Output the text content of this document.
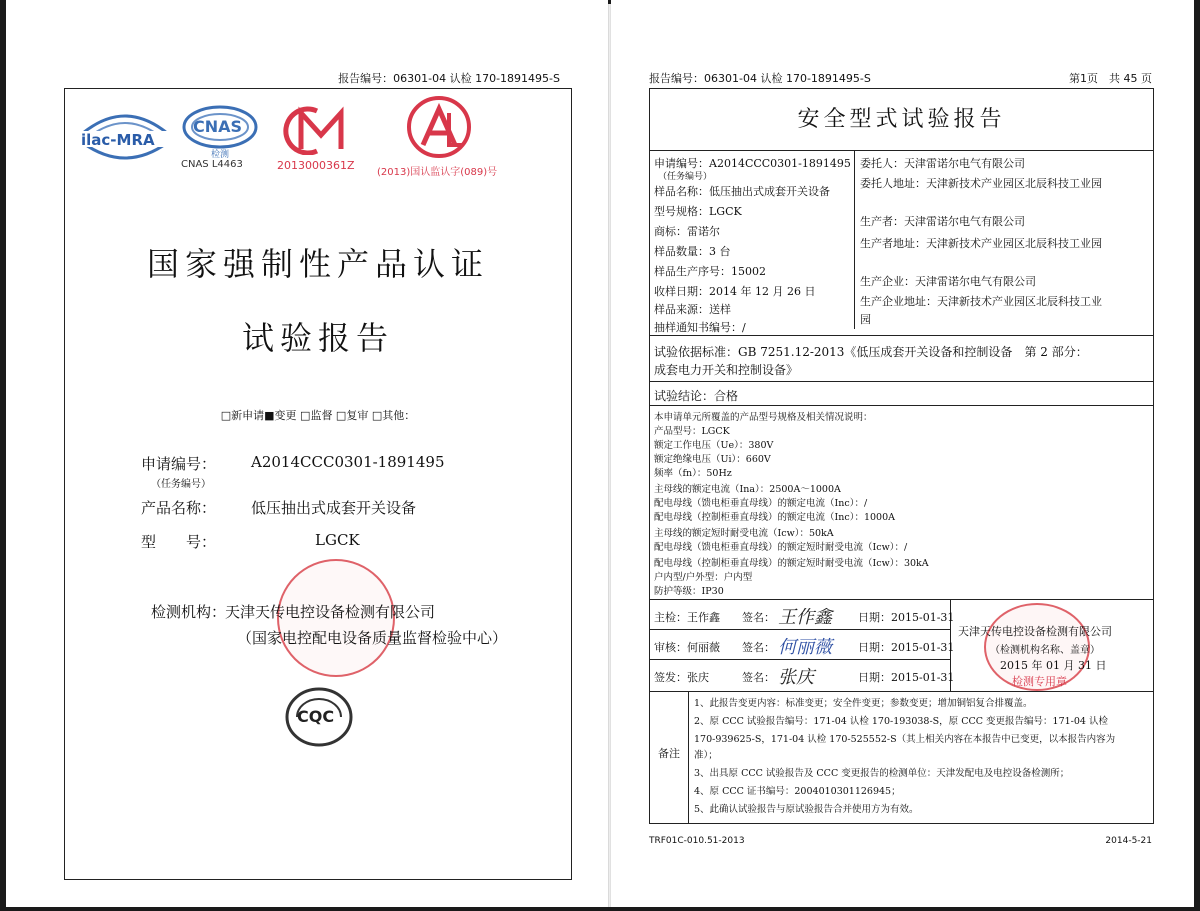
报告编号：06301-04 认检 170-1891495-S
ilac-MRA
CNAS
检测
CNAS L4463	2013000361Z
(2013)国认监认字(089)号
国家强制性产品认证
试验报告
□新申请■变更 □监督 □复审 □其他：
申请编号：
（任务编号）
A2014CCC0301-1891495
产品名称： 低压抽出式成套开关设备
型　　号：	LGCK
检测机构：
天津天传电控设备检测有限公司
（国家电控配电设备质量监督检验中心）
CQC
报告编号：06301-04 认检 170-1891495-S	第1页　共 45 页
安全型式试验报告
申请编号：A2014CCC0301-1891495
（任务编号）
样品名称：低压抽出式成套开关设备
型号规格：LGCK
商标：雷诺尔
样品数量：3 台
样品生产序号：15002
收样日期：2014 年 12 月 26 日
样品来源：送样
抽样通知书编号：/
委托人：天津雷诺尔电气有限公司
委托人地址：天津新技术产业园区北辰科技工业园
生产者：天津雷诺尔电气有限公司
生产者地址：天津新技术产业园区北辰科技工业园
生产企业：天津雷诺尔电气有限公司
生产企业地址：天津新技术产业园区北辰科技工业
园
试验依据标准：GB 7251.12-2013《低压成套开关设备和控制设备　第 2 部分：
成套电力开关和控制设备》
试验结论：合格
本申请单元所覆盖的产品型号规格及相关情况说明：
产品型号：LGCK
额定工作电压（Ue）：380V
额定绝缘电压（Ui）：660V
频率（fn）：50Hz
主母线的额定电流（Ina）：2500A～1000A
配电母线（馈电柜垂直母线）的额定电流（Inc）：/
配电母线（控制柜垂直母线）的额定电流（Inc）：1000A
主母线的额定短时耐受电流（Icw）：50kA
配电母线（馈电柜垂直母线）的额定短时耐受电流（Icw）：/
配电母线（控制柜垂直母线）的额定短时耐受电流（Icw）：30kA
户内型/户外型：户内型
防护等级：IP30
主检：王作鑫 签名： 王作鑫 日期：2015-01-31
审核：何丽薇 签名： 何丽薇 日期：2015-01-31
签发：张庆	签名： 张庆	日期：2015-01-31
天津天传电控设备检测有限公司
（检测机构名称、盖章）
2015 年 01 月 31 日
检测专用章
备注
1、此报告变更内容：标准变更；安全件变更；参数变更；增加铜铝复合排覆盖。
2、原 CCC 试验报告编号：171-04 认检 170-193038-S，原 CCC 变更报告编号：171-04 认检
170-939625-S，171-04 认检 170-525552-S（其上相关内容在本报告中已变更，以本报告内容为
准）；
3、出具原 CCC 试验报告及 CCC 变更报告的检测单位：天津发配电及电控设备检测所；
4、原 CCC 证书编号：2004010301126945；
5、此确认试验报告与原试验报告合并使用方为有效。
TRF01C-010.51-2013	2014-5-21
